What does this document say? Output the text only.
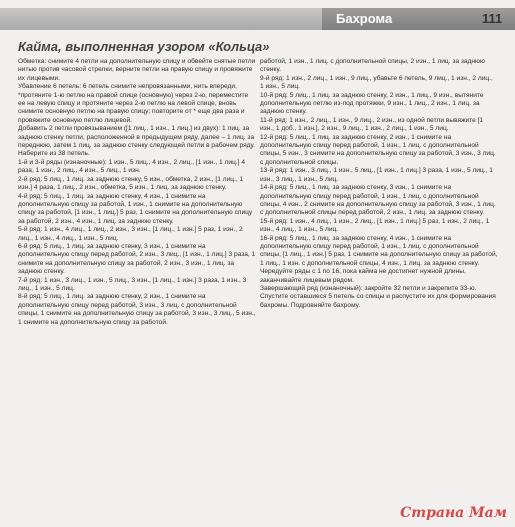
Бахрома	111
Кайма, выполненная узором «Кольца»

Обметка: снимите 4 петли на дополнительную спицу и обвейте снятые петли нитью против часовой стрелки, верните петли на правую спицу и провяжите их лицевыми.

Убавление 6 петель: 6 петель снимите непровязанными, нить впереди, *протяните 1-ю петлю на правой спице (основную) через 2-ю, переместите ее на левую спицу и протяните через 2-ю петлю на левой спице, вновь снимите основную петлю на правую спицу; повторите от * еще два раза и провяжите основную петлю лицевой.

Добавить 2 петли провязыванием ([1 лиц., 1 изн., 1 лиц.] из двух): 1 лиц. за заднюю стенку петли, расположенной в предыдущем ряду, далее – 1 лиц. за переднюю, затем 1 лиц. за заднюю стенку следующей петли в рабочем ряду.

Наберите из 38 петель.

1-й и 3-й ряды (изнаночные): 1 изн., 5 лиц., 4 изн., 2 лиц., [1 изн., 1 лиц.] 4 раза, 1 изн., 2 лиц., 4 изн., 5 лиц., 1 изн.

2-й ряд: 5 лиц., 1 лиц. за заднюю стенку, 5 изн., обметка, 2 изн., [1 лиц., 1 изн.] 4 раза, 1 лиц., 2 изн., обметка, 5 изн., 1 лиц. за заднюю стенку.

4-й ряд: 5 лиц., 1 лиц. за заднюю стенку, 4 изн., 1 снимите на дополнительную спицу за работой, 1 изн., 1 снимите на дополнительную спицу за работой, [1 изн., 1 лиц.] 5 раз, 1 снимите на дополнительную спицу за работой, 2 изн., 4 изн., 1 лиц. за заднюю стенку.

5-й ряд: 1 изн., 4 лиц., 1 лиц., 2 изн., 3 изн., [1 лиц., 1 изн.] 5 раз, 1 изн., 2 лиц., 1 изн., 4 лиц., 1 изн., 5 лиц.

6-й ряд: 5 лиц., 1 лиц. за заднюю стенку, 3 изн., 1 снимите на дополнительную спицу перед работой, 2 изн., 3 лиц., [1 изн., 1 лиц.] 3 раза, 1 снимите на дополнительную спицу за работой, 2 изн., 3 изн., 1 лиц. за заднюю стенку.

7-й ряд: 1 изн., 3 лиц., 1 изн., 5 лиц., 3 изн., [1 лиц., 1 изн.] 3 раза, 1 изн., 3 лиц., 1 изн., 5 лиц.

8-й ряд: 5 лиц., 1 лиц. за заднюю стенку, 2 изн., 1 снимите на дополнительную спицу перед работой, 3 изн., 3 лиц. с дополнительной спицы, 1 снимите на дополнительную спицу за работой, 3 изн., 3 лиц., 5 изн., 1 снимите на дополнительную спицу за работой.

работой, 1 изн., 1 лиц. с дополнительной спицы, 2 изн., 1 лиц. за заднюю стенку.

9-й ряд: 1 изн., 2 лиц., 1 изн., 9 лиц., убавьте 6 петель, 9 лиц., 1 изн., 2 лиц., 1 изн., 5 лиц.

10-й ряд: 5 лиц., 1 лиц. за заднюю стенку, 2 изн., 1 лиц., 9 изн., вытяните дополнительную петлю из-под протяжки, 9 изн., 1 лиц., 2 изн., 1 лиц. за заднюю стенку.

11-й ряд: 1 изн., 2 лиц., 1 изн., 9 лиц., 2 изн., из одной петли вывяжите [1 изн., 1 доб., 1 изн.], 2 изн., 9 лиц., 1 изн., 2 лиц., 1 изн., 5 лиц.

12-й ряд: 5 лиц., 1 лиц. за заднюю стенку, 2 изн., 1 снимите на дополнительную спицу перед работой, 1 изн., 1 лиц. с дополнительной спицы, 5 изн., 3 снимите на дополнительную спицу за работой, 3 изн., 3 лиц. с дополнительной спицы.

13-й ряд: 1 изн., 3 лиц., 1 изн., 5 лиц., [1 изн., 1 лиц.] 3 раза, 1 изн., 5 лиц., 1 изн., 3 лиц., 1 изн., 5 лиц.

14-й ряд: 5 лиц., 1 лиц. за заднюю стенку, 3 изн., 1 снимите на дополнительную спицу перед работой, 1 изн., 1 лиц. с дополнительной спицы, 4 изн., 2 снимите на дополнительную спицу за работой, 3 изн., 1 лиц. с дополнительной спицы перед работой, 2 изн., 1 лиц. за заднюю стенку.

15-й ряд: 1 изн., 4 лиц., 1 изн., 2 лиц., [1 изн., 1 лиц.] 5 раз, 1 изн., 2 лиц., 1 изн., 4 лиц., 1 изн., 5 лиц.

16-й ряд: 5 лиц., 1 лиц. за заднюю стенку, 4 изн., 1 снимите на дополнительную спицу перед работой, 1 изн., 1 лиц. с дополнительной спицы, [1 лиц., 1 изн.] 5 раз, 1 снимите на дополнительную спицу за работой, 1 лиц., 1 изн. с дополнительной спицы, 4 изн., 1 лиц. за заднюю стенку.

Чередуйте ряды с 1 по 16, пока кайма не достигнет нужной длины, заканчивайте лицевым рядом.

Завершающий ряд (изнаночный): закройте 32 петли и закрепите 33-ю.

Спустите оставшиеся 5 петель со спицы и распустите их для формирования бахромы. Подровняйте бахрому.

Страна Мам
